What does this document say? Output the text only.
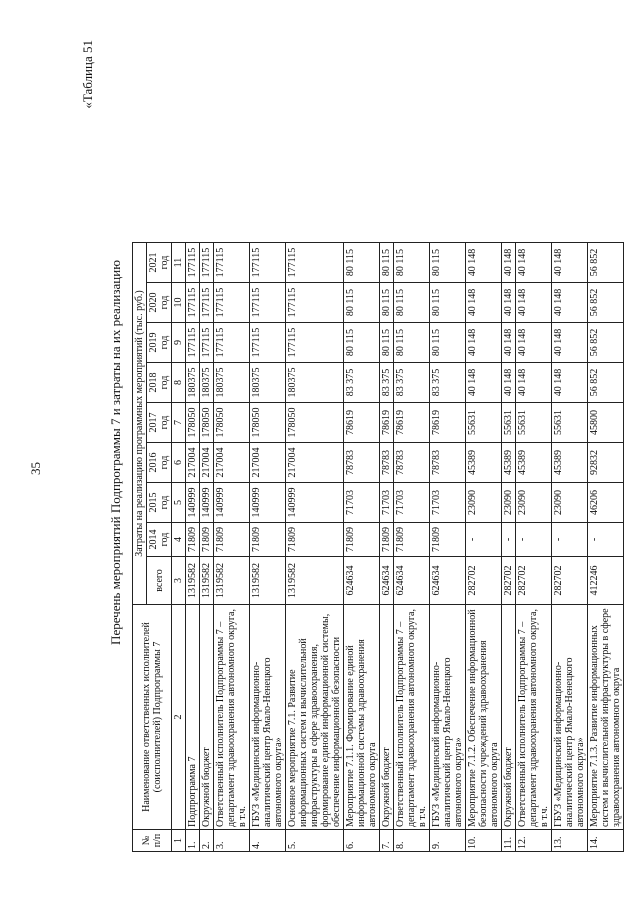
35
«Таблица 51
Перечень мероприятий Подпрограммы 7 и затраты на их реализацию
№ п/п	Наименование ответственных исполнителей (соисполнителей) Подпрограммы 7	Затраты на реализацию программных мероприятий (тыс. руб.)								
		всего	2014 год	2015 год	2016 год	2017 год	2018 год	2019 год	2020 год	2021 год
1	2	3	4	5	6	7	8	9	10	11
1.	Подпрограмма 7	1319582	71809	140999	217004	178050	180375	177115	177115	177115
2.	Окружной бюджет	1319582	71809	140999	217004	178050	180375	177115	177115	177115
3.	Ответственный исполнитель Подпрограммы 7 – департамент здравоохранения автономного округа, в т.ч.	1319582	71809	140999	217004	178050	180375	177115	177115	177115
4.	ГБУЗ «Медицинский информационно-аналитический центр Ямало-Ненецкого автономного округа»	1319582	71809	140999	217004	178050	180375	177115	177115	177115
5.	Основное мероприятие 7.1. Развитие информационных систем и вычислительной инфраструктуры в сфере здравоохранения, формирование единой информационной системы, обеспечение информационной безопасности	1319582	71809	140999	217004	178050	180375	177115	177115	177115
6.	Мероприятие 7.1.1. Формирование единой информационной системы здравоохранения автономного округа	624634	71809	71703	78783	78619	83 375	80 115	80 115	80 115
7.	Окружной бюджет	624634	71809	71703	78783	78619	83 375	80 115	80 115	80 115
8.	Ответственный исполнитель Подпрограммы 7 – департамент здравоохранения автономного округа, в т.ч.	624634	71809	71703	78783	78619	83 375	80 115	80 115	80 115
9.	ГБУЗ «Медицинский информационно-аналитический центр Ямало-Ненецкого автономного округа»	624634	71809	71703	78783	78619	83 375	80 115	80 115	80 115
10.	Мероприятие 7.1.2. Обеспечение информационной безопасности учреждений здравоохранения автономного округа	282702	-	23090	45389	55631	40 148	40 148	40 148	40 148
11.	Окружной бюджет	282702	-	23090	45389	55631	40 148	40 148	40 148	40 148
12.	Ответственный исполнитель Подпрограммы 7 – департамент здравоохранения автономного округа, в т.ч.	282702	-	23090	45389	55631	40 148	40 148	40 148	40 148
13.	ГБУЗ «Медицинский информационно-аналитический центр Ямало-Ненецкого автономного округа»	282702	-	23090	45389	55631	40 148	40 148	40 148	40 148
14.	Мероприятие 7.1.3. Развитие информационных систем и вычислительной инфраструктуры в сфере здравоохранения автономного округа	412246	-	46206	92832	45800	56 852	56 852	56 852	56 852
